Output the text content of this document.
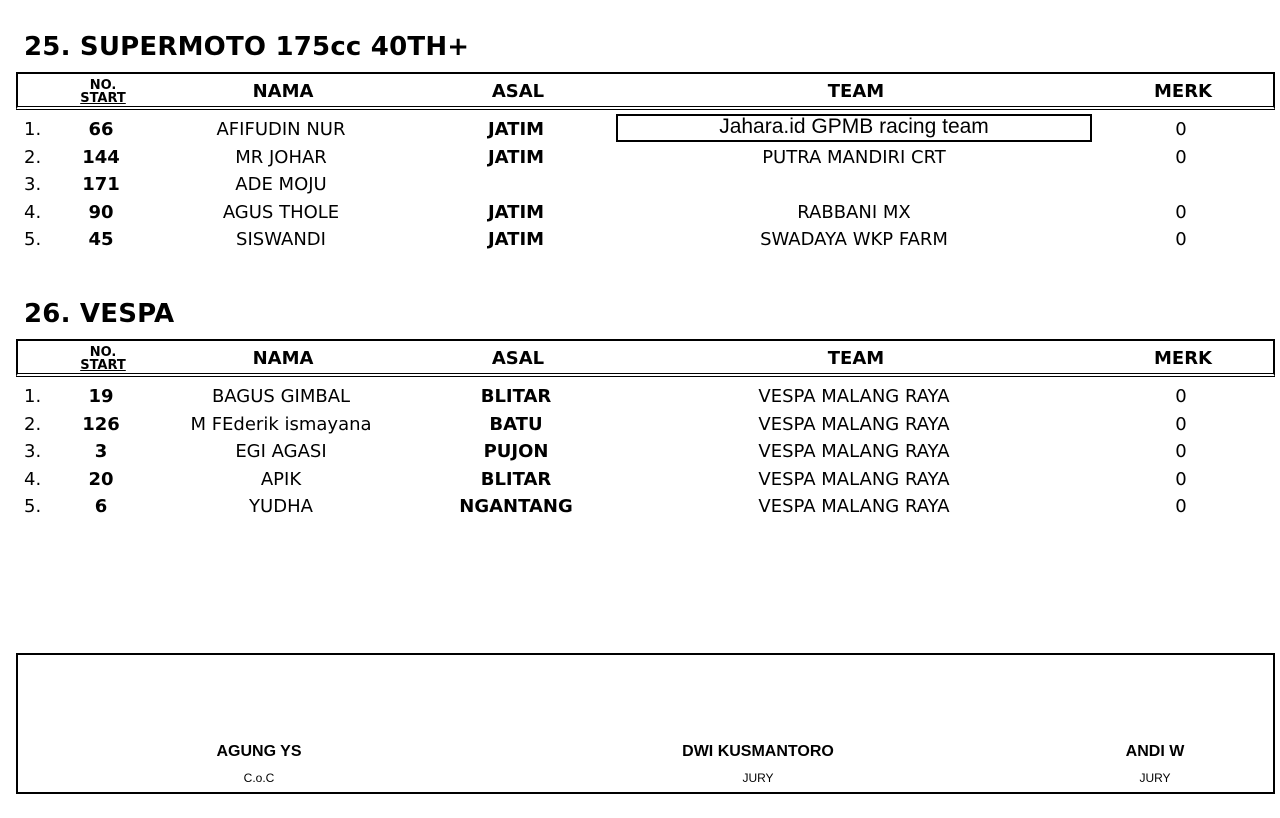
25. SUPERMOTO 175cc 40TH+
NO.
START	NAMA	ASAL	TEAM	MERK
1.	66	AFIFUDIN NUR	JATIM	Jahara.id GPMB racing team	0
2.	144	MR JOHAR	JATIM	PUTRA MANDIRI CRT	0
3.	171	ADE MOJU
4.	90	AGUS THOLE	JATIM	RABBANI MX	0
5.	45	SISWANDI	JATIM	SWADAYA WKP FARM	0
26. VESPA
NO.
START	NAMA	ASAL	TEAM	MERK
1.	19	BAGUS GIMBAL	BLITAR	VESPA MALANG RAYA	0
2.	126	M FEderik ismayana	BATU	VESPA MALANG RAYA	0
3.	3	EGI AGASI	PUJON	VESPA MALANG RAYA	0
4.	20	APIK	BLITAR	VESPA MALANG RAYA	0
5.	6	YUDHA	NGANTANG	VESPA MALANG RAYA	0
AGUNG YS
C.o.C
DWI KUSMANTORO
JURY
ANDI W
JURY
